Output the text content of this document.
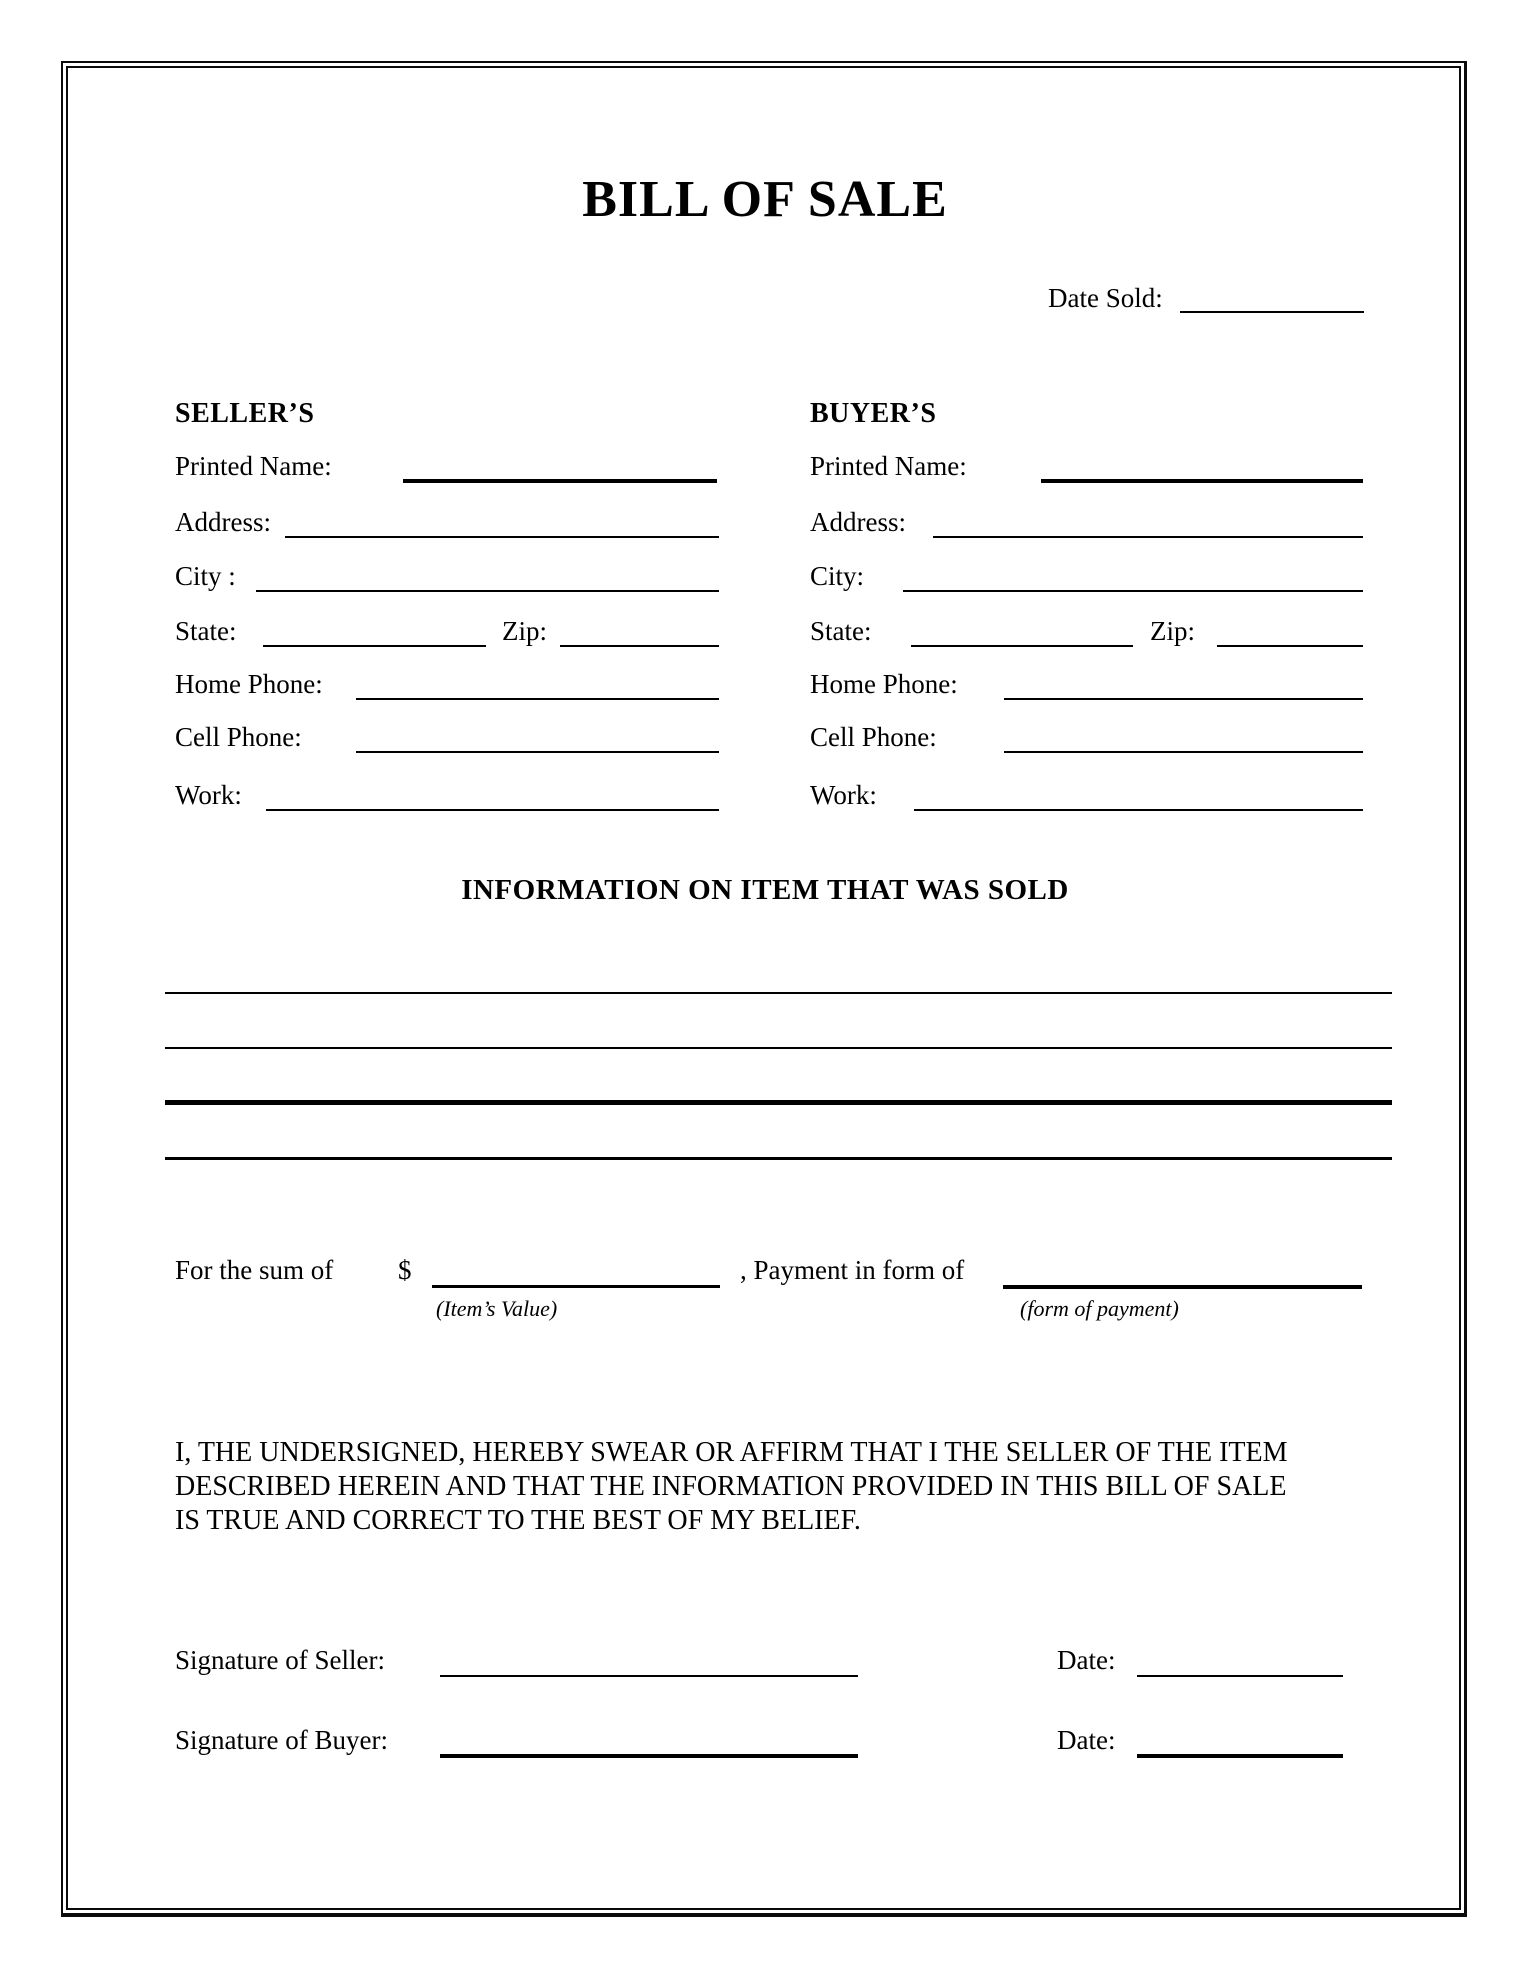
BILL OF SALE
Date Sold:
SELLER’S
Printed Name:
Address:
City :
State:	Zip:
Home Phone:
Cell Phone:
Work:
BUYER’S
Printed Name:
Address:
City:
State:	Zip:
Home Phone:
Cell Phone:
Work:
INFORMATION ON ITEM THAT WAS SOLD
For the sum of $
(Item’s Value)
, Payment in form of
(form of payment)
I, THE UNDERSIGNED, HEREBY SWEAR OR AFFIRM THAT I THE SELLER OF THE ITEM DESCRIBED HEREIN AND THAT THE INFORMATION PROVIDED IN THIS BILL OF SALE IS TRUE AND CORRECT TO THE BEST OF MY BELIEF.
Signature of Seller:	Date:
Signature of Buyer:	Date:
